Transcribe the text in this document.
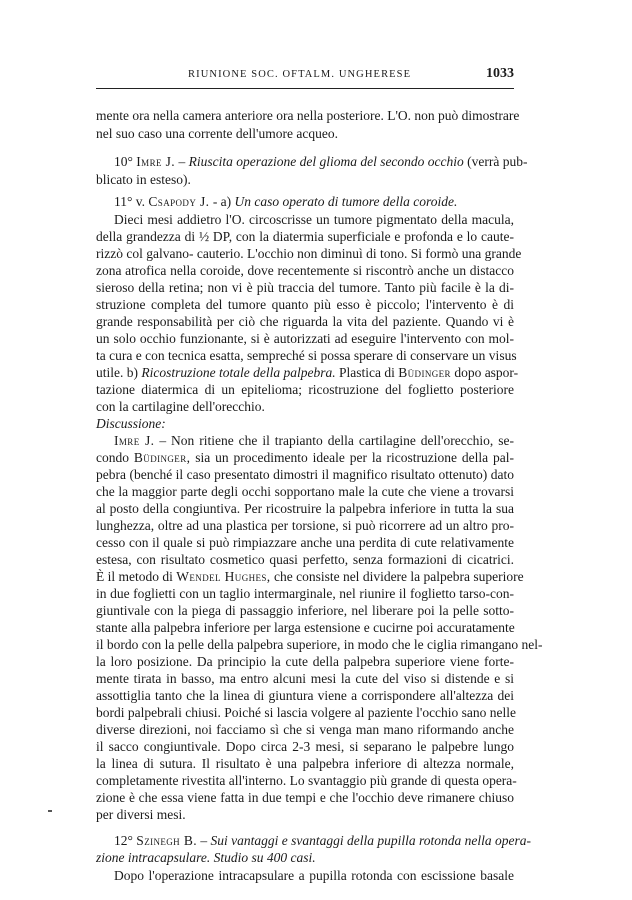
RIUNIONE SOC. OFTALM. UNGHERESE	1033
mente ora nella camera anteriore ora nella posteriore. L'O. non può dimostrare
nel suo caso una corrente dell'umore acqueo.
10° Imre J. – Riuscita operazione del glioma del secondo occhio (verrà pub-
blicato in esteso).
11° v. Csapody J. - a) Un caso operato di tumore della coroide.
Dieci mesi addietro l'O. circoscrisse un tumore pigmentato della macula,
della grandezza di ½ DP, con la diatermia superficiale e profonda e lo caute-
rizzò col galvano- cauterio. L'occhio non diminuì di tono. Si formò una grande
zona atrofica nella coroide, dove recentemente si riscontrò anche un distacco
sieroso della retina; non vi è più traccia del tumore. Tanto più facile è la di-
struzione completa del tumore quanto più esso è piccolo; l'intervento è di
grande responsabilità per ciò che riguarda la vita del paziente. Quando vi è
un solo occhio funzionante, si è autorizzati ad eseguire l'intervento con mol-
ta cura e con tecnica esatta, sempreché si possa sperare di conservare un visus
utile. b) Ricostruzione totale della palpebra. Plastica di Büdinger dopo aspor-
tazione diatermica di un epitelioma; ricostruzione del foglietto posteriore
con la cartilagine dell'orecchio.
Discussione:
Imre J. – Non ritiene che il trapianto della cartilagine dell'orecchio, se-
condo Büdinger, sia un procedimento ideale per la ricostruzione della pal-
pebra (benché il caso presentato dimostri il magnifico risultato ottenuto) dato
che la maggior parte degli occhi sopportano male la cute che viene a trovarsi
al posto della congiuntiva. Per ricostruire la palpebra inferiore in tutta la sua
lunghezza, oltre ad una plastica per torsione, si può ricorrere ad un altro pro-
cesso con il quale si può rimpiazzare anche una perdita di cute relativamente
estesa, con risultato cosmetico quasi perfetto, senza formazioni di cicatrici.
È il metodo di Wendel Hughes, che consiste nel dividere la palpebra superiore
in due foglietti con un taglio intermarginale, nel riunire il foglietto tarso-con-
giuntivale con la piega di passaggio inferiore, nel liberare poi la pelle sotto-
stante alla palpebra inferiore per larga estensione e cucirne poi accuratamente
il bordo con la pelle della palpebra superiore, in modo che le ciglia rimangano nel-
la loro posizione. Da principio la cute della palpebra superiore viene forte-
mente tirata in basso, ma entro alcuni mesi la cute del viso si distende e si
assottiglia tanto che la linea di giuntura viene a corrispondere all'altezza dei
bordi palpebrali chiusi. Poiché si lascia volgere al paziente l'occhio sano nelle
diverse direzioni, noi facciamo sì che si venga man mano riformando anche
il sacco congiuntivale. Dopo circa 2-3 mesi, si separano le palpebre lungo
la linea di sutura. Il risultato è una palpebra inferiore di altezza normale,
completamente rivestita all'interno. Lo svantaggio più grande di questa opera-
zione è che essa viene fatta in due tempi e che l'occhio deve rimanere chiuso
per diversi mesi.
12° Szinegh B. – Sui vantaggi e svantaggi della pupilla rotonda nella opera-
zione intracapsulare. Studio su 400 casi.
Dopo l'operazione intracapsulare a pupilla rotonda con escissione basale
